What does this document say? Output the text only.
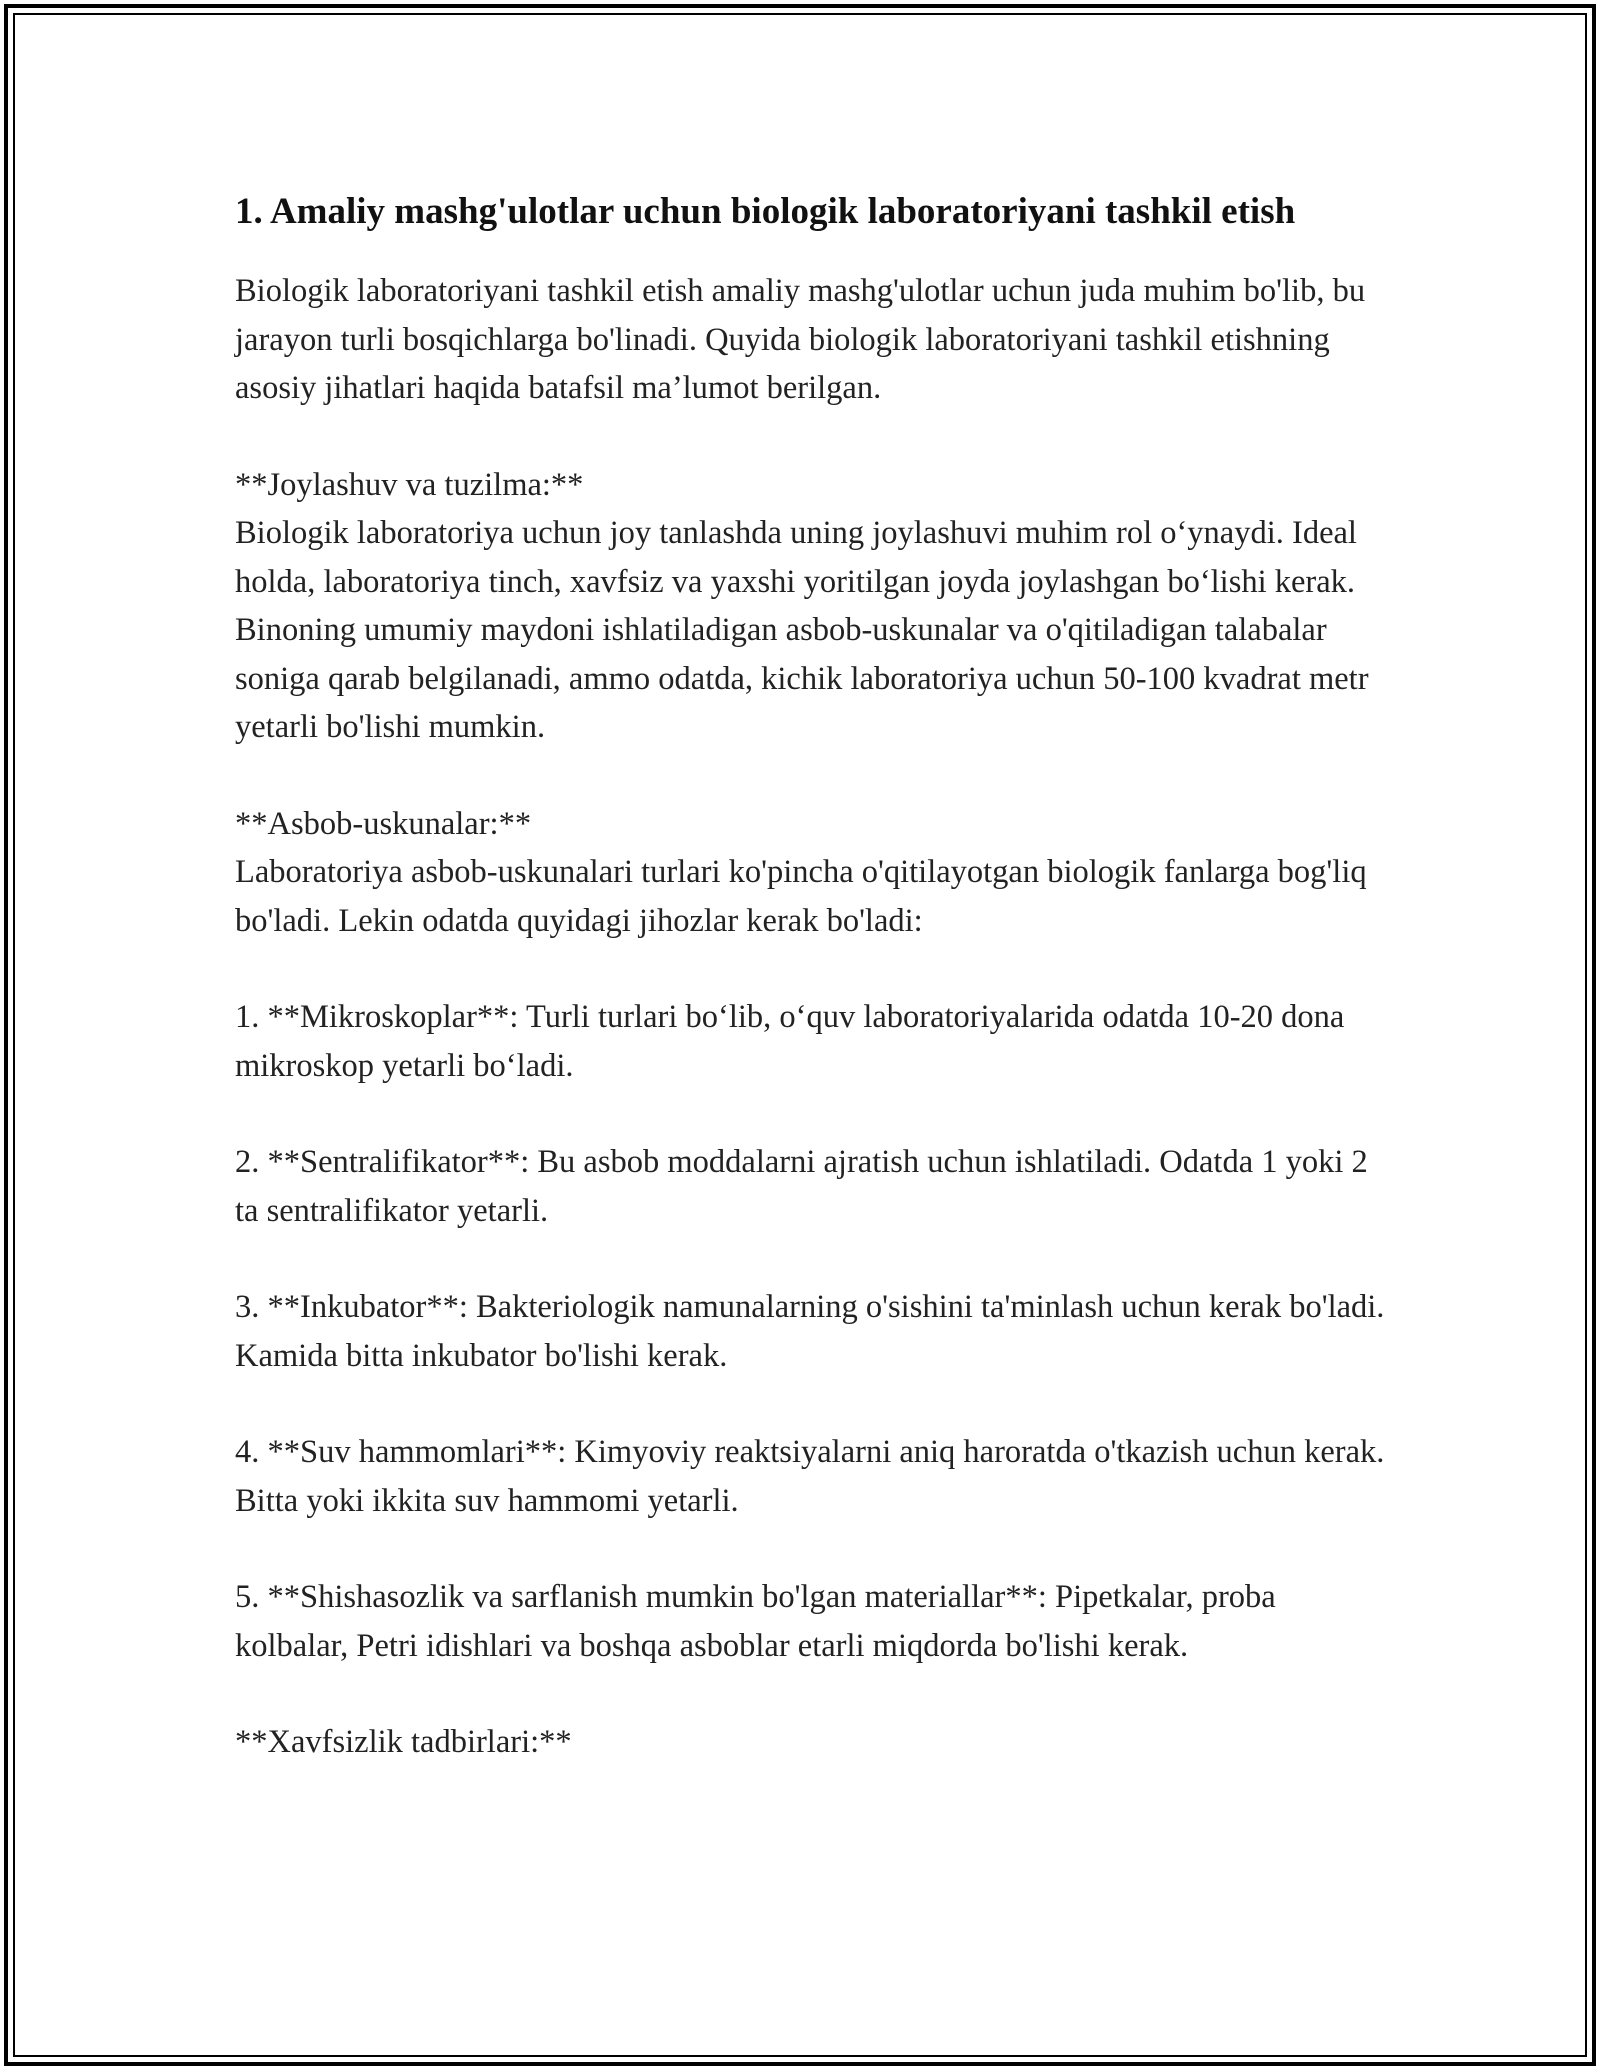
1. Amaliy mashg'ulotlar uchun biologik laboratoriyani tashkil etish

Biologik laboratoriyani tashkil etish amaliy mashg'ulotlar uchun juda muhim bo'lib, bu jarayon turli bosqichlarga bo'linadi. Quyida biologik laboratoriyani tashkil etishning asosiy jihatlari haqida batafsil ma’lumot berilgan.

**Joylashuv va tuzilma:**

Biologik laboratoriya uchun joy tanlashda uning joylashuvi muhim rol o‘ynaydi. Ideal holda, laboratoriya tinch, xavfsiz va yaxshi yoritilgan joyda joylashgan bo‘lishi kerak. Binoning umumiy maydoni ishlatiladigan asbob-uskunalar va o'qitiladigan talabalar soniga qarab belgilanadi, ammo odatda, kichik laboratoriya uchun 50-100 kvadrat metr yetarli bo'lishi mumkin.

**Asbob-uskunalar:**

Laboratoriya asbob-uskunalari turlari ko'pincha o'qitilayotgan biologik fanlarga bog'liq bo'ladi. Lekin odatda quyidagi jihozlar kerak bo'ladi:

1. **Mikroskoplar**: Turli turlari bo‘lib, o‘quv laboratoriyalarida odatda 10-20 dona mikroskop yetarli bo‘ladi.

2. **Sentralifikator**: Bu asbob moddalarni ajratish uchun ishlatiladi. Odatda 1 yoki 2 ta sentralifikator yetarli.

3. **Inkubator**: Bakteriologik namunalarning o'sishini ta'minlash uchun kerak bo'ladi. Kamida bitta inkubator bo'lishi kerak.

4. **Suv hammomlari**: Kimyoviy reaktsiyalarni aniq haroratda o'tkazish uchun kerak. Bitta yoki ikkita suv hammomi yetarli.

5. **Shishasozlik va sarflanish mumkin bo'lgan materiallar**: Pipetkalar, proba kolbalar, Petri idishlari va boshqa asboblar etarli miqdorda bo'lishi kerak.

**Xavfsizlik tadbirlari:**
